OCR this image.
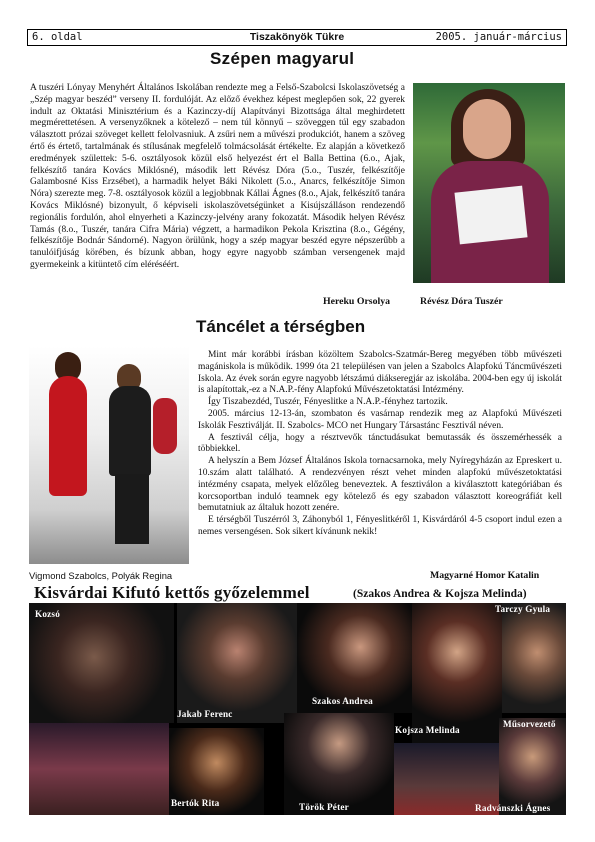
6. oldal	Tiszakönyök Tükre	2005. január-március
Szépen magyarul
A tuszéri Lónyay Menyhért Általános Iskolában rendezte meg a Felső-Szabolcsi Iskolaszövetség a „Szép magyar beszéd” verseny II. fordulóját. Az előző évekhez képest meglepően sok, 22 gyerek indult az Oktatási Minisztérium és a Kazinczy-díj Alapítványi Bizottsága által meghirdetett megmérettetésen. A versenyzőknek a kötelező – nem túl könnyű – szöveggen túl egy szabadon választott prózai szöveget kellett felolvasniuk. A zsűri nem a művészi produkciót, hanem a szöveg értő és értető, tartalmának és stílusának megfelelő tolmácsolását értékelte. Ez alapján a következő eredmények születtek: 5-6. osztályosok közül első helyezést ért el Balla Bettina (6.o., Ajak, felkészítő tanára Kovács Miklósné), második lett Révész Dóra (5.o., Tuszér, felkészítője Galambosné Kiss Erzsébet), a harmadik helyet Báki Nikolett (5.o., Anarcs, felkészítője Simon Nóra) szerezte meg. 7-8. osztályosok közül a legjobbnak Kállai Ágnes (8.o., Ajak, felkészítő tanára Kovács Miklósné) bizonyult, ő képviseli iskolaszövetségünket a Kisújszálláson rendezendő regionális fordulón, ahol elnyerheti a Kazinczy-jelvény arany fokozatát. Második helyen Révész Tamás (8.o., Tuszér, tanára Cifra Mária) végzett, a harmadikon Pekola Krisztina (8.o., Gégény, felkészítője Bodnár Sándorné). Nagyon örülünk, hogy a szép magyar beszéd egyre népszerűbb a tanulóifjúság körében, és bízunk abban, hogy egyre nagyobb számban versengenek majd gyermekeink a kitüntető cím eléréséért.
Hereku Orsolya	Révész Dóra Tuszér
Táncélet a térségben

Mint már korábbi írásban közöltem Szabolcs-Szatmár-Bereg megyében több művészeti magániskola is működik. 1999 óta 21 településen van jelen a Szabolcs Alapfokú Táncművészeti Iskola. Az évek során egyre nagyobb létszámú diákseregjár az iskolába. 2004-ben egy új iskolát is alapítottak,-ez a N.A.P.-fény Alapfokú Művészetoktatási Intézmény.

Így Tiszabezdéd, Tuszér, Fényeslitke a N.A.P.-fényhez tartozik.

2005. március 12-13-án, szombaton és vasárnap rendezik meg az Alapfokú Művészeti Iskolák Fesztiválját. II. Szabolcs- MCO net Hungary Társastánc Fesztivál néven.

A fesztivál célja, hogy a résztvevők tánctudásukat bemutassák és összemérhessék a többiekkel.

A helyszín a Bem József Általános Iskola tornacsarnoka, mely Nyíregyházán az Epreskert u. 10.szám alatt található. A rendezvényen részt vehet minden alapfokú művészetoktatási intézmény csapata, melyek előzőleg beneveztek. A fesztiválon a kiválasztott kategóriában és korcsoportban induló teamnek egy kötelező és egy szabadon választott koreográfiát kell bemutatniuk az általuk hozott zenére.

E térségből Tuszérról 3, Záhonyból 1, Fényeslitkéről 1, Kisvárdáról 4-5 csoport indul ezen a nemes versengésen. Sok sikert kívánunk nekik!

Vigmond Szabolcs, Polyák Regina	Magyarné Homor Katalin
Kisvárdai Kifutó kettős győzelemmel	(Szakos Andrea & Kojsza Melinda)
Kozsó
Jakab Ferenc
Szakos Andrea
Kojsza Melinda
Tarczy Gyula
Műsorvezető
Bertók Rita	Török Péter	Radvánszki Ágnes
